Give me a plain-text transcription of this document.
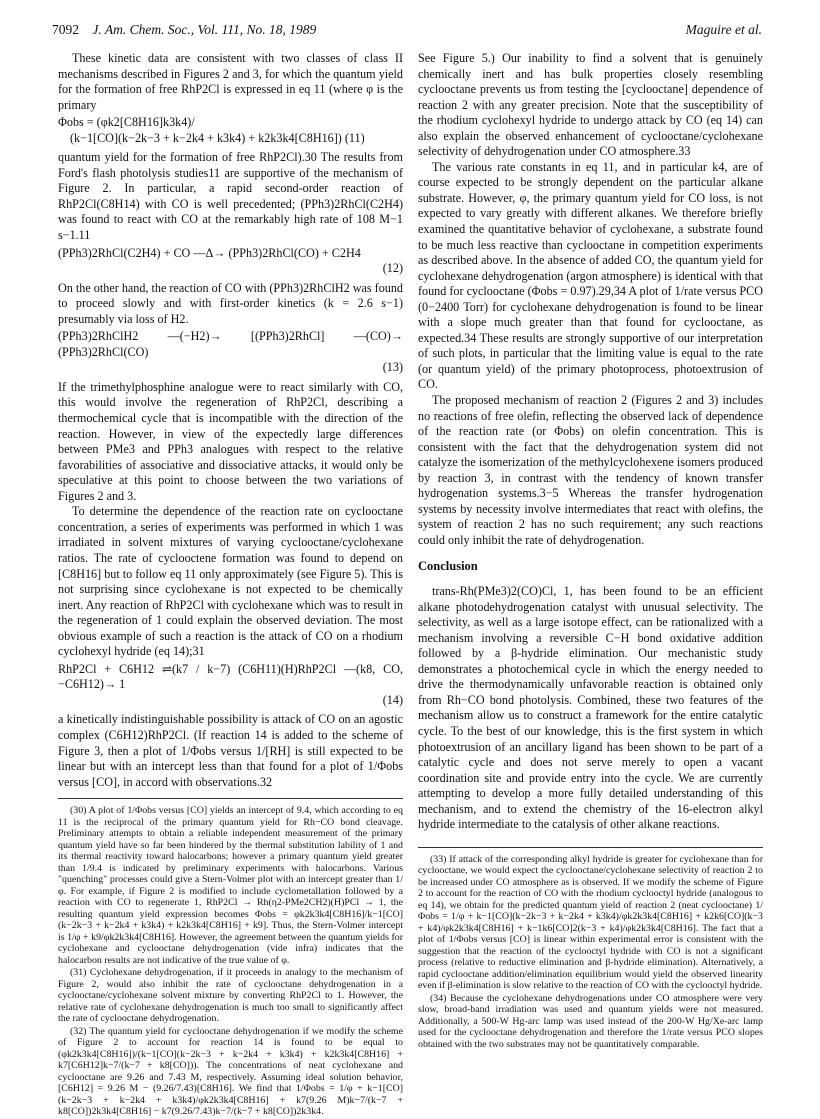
7092 J. Am. Chem. Soc., Vol. 111, No. 18, 1989	Maguire et al.

These kinetic data are consistent with two classes of class II mechanisms described in Figures 2 and 3, for which the quantum yield for the formation of free RhP2Cl is expressed in eq 11 (where φ is the primary

Φobs = (φk2[C8H16]k3k4)/
(k−1[CO](k−2k−3 + k−2k4 + k3k4) + k2k3k4[C8H16]) (11)

quantum yield for the formation of free RhP2Cl).30 The results from Ford's flash photolysis studies11 are supportive of the mechanism of Figure 2. In particular, a rapid second-order reaction of RhP2Cl(C8H14) with CO is well precedented; (PPh3)2RhCl(C2H4) was found to react with CO at the remarkably high rate of 108 M−1 s−1.11

(PPh3)2RhCl(C2H4) + CO —Δ→ (PPh3)2RhCl(CO) + C2H4
(12)

On the other hand, the reaction of CO with (PPh3)2RhClH2 was found to proceed slowly and with first-order kinetics (k = 2.6 s−1) presumably via loss of H2.

(PPh3)2RhClH2 —(−H2)→ [(PPh3)2RhCl] —(CO)→ (PPh3)2RhCl(CO)
(13)

If the trimethylphosphine analogue were to react similarly with CO, this would involve the regeneration of RhP2Cl, describing a thermochemical cycle that is incompatible with the direction of the reaction. However, in view of the expectedly large differences between PMe3 and PPh3 analogues with respect to the relative favorabilities of associative and dissociative attacks, it would only be speculative at this point to choose between the two variations of Figures 2 and 3.

To determine the dependence of the reaction rate on cyclooctane concentration, a series of experiments was performed in which 1 was irradiated in solvent mixtures of varying cyclooctane/cyclohexane ratios. The rate of cyclooctene formation was found to depend on [C8H16] but to follow eq 11 only approximately (see Figure 5). This is not surprising since cyclohexane is not expected to be chemically inert. Any reaction of RhP2Cl with cyclohexane which was to result in the regeneration of 1 could explain the observed deviation. The most obvious example of such a reaction is the attack of CO on a rhodium cyclohexyl hydride (eq 14);31

RhP2Cl + C6H12 ⇌(k7 / k−7) (C6H11)(H)RhP2Cl —(k8, CO, −C6H12)→ 1
(14)

a kinetically indistinguishable possibility is attack of CO on an agostic complex (C6H12)RhP2Cl. (If reaction 14 is added to the scheme of Figure 3, then a plot of 1/Φobs versus 1/[RH] is still expected to be linear but with an intercept less than that found for a plot of 1/Φobs versus [CO], in accord with observations.32

(30) A plot of 1/Φobs versus [CO] yields an intercept of 9.4, which according to eq 11 is the reciprocal of the primary quantum yield for Rh−CO bond cleavage. Preliminary attempts to obtain a reliable independent measurement of the primary quantum yield have so far been hindered by the thermal substitution lability of 1 and its thermal reactivity toward halocarbons; however a primary quantum yield greater than 1/9.4 is indicated by preliminary experiments with halocarbons. Various "quenching" processes could give a Stern-Volmer plot with an intercept greater than 1/φ. For example, if Figure 2 is modified to include cyclometallation followed by a reaction with CO to regenerate 1, RhP2Cl → Rh(η2-PMe2CH2)(H)PCl → 1, the resulting quantum yield expression becomes Φobs = φk2k3k4[C8H16]/k−1[CO](k−2k−3 + k−2k4 + k3k4) + k2k3k4[C8H16] + k9]. Thus, the Stern-Volmer intercept is 1/φ + k9/φk2k3k4[C8H16]. However, the agreement between the quantum yields for cyclohexane and cyclooctane dehydrogenation (vide infra) indicates that the halocarbon results are not indicative of the true value of φ.

(31) Cyclohexane dehydrogenation, if it proceeds in analogy to the mechanism of Figure 2, would also inhibit the rate of cyclooctane dehydrogenation in a cyclooctane/cyclohexane solvent mixture by converting RhP2Cl to 1. However, the relative rate of cyclohexane dehydrogenation is much too small to significantly affect the rate of cyclooctane dehydrogenation.

(32) The quantum yield for cyclooctane dehydrogenation if we modify the scheme of Figure 2 to account for reaction 14 is found to be equal to (φk2k3k4[C8H16])/(k−1[CO](k−2k−3 + k−2k4 + k3k4) + k2k3k4[C8H16] + k7[C6H12]k−7/(k−7 + k8[CO])). The concentrations of neat cyclohexane and cyclooctane are 9.26 and 7.43 M, respectively. Assuming ideal solution behavior, [C6H12] = 9.26 M − (9.26/7.43)[C8H16]. We find that 1/Φobs = 1/φ + k−1[CO](k−2k−3 + k−2k4 + k3k4)/φk2k3k4[C8H16] + k7(9.26 M)k−7/(k−7 + k8[CO])2k3k4[C8H16] − k7(9.26/7.43)k−7/(k−7 + k8[CO])2k3k4.

See Figure 5.) Our inability to find a solvent that is genuinely chemically inert and has bulk properties closely resembling cyclooctane prevents us from testing the [cyclooctane] dependence of reaction 2 with any greater precision. Note that the susceptibility of the rhodium cyclohexyl hydride to undergo attack by CO (eq 14) can also explain the observed enhancement of cyclooctane/cyclohexane selectivity of dehydrogenation under CO atmosphere.33

The various rate constants in eq 11, and in particular k4, are of course expected to be strongly dependent on the particular alkane substrate. However, φ, the primary quantum yield for CO loss, is not expected to vary greatly with different alkanes. We therefore briefly examined the quantitative behavior of cyclohexane, a substrate found to be much less reactive than cyclooctane in competition experiments as described above. In the absence of added CO, the quantum yield for cyclohexane dehydrogenation (argon atmosphere) is identical with that found for cyclooctane (Φobs = 0.97).29,34 A plot of 1/rate versus PCO (0−2400 Torr) for cyclohexane dehydrogenation is found to be linear with a slope much greater than that found for cyclooctane, as expected.34 These results are strongly supportive of our interpretation of such plots, in particular that the limiting value is equal to the rate (or quantum yield) of the primary photoprocess, photoextrusion of CO.

The proposed mechanism of reaction 2 (Figures 2 and 3) includes no reactions of free olefin, reflecting the observed lack of dependence of the reaction rate (or Φobs) on olefin concentration. This is consistent with the fact that the dehydrogenation system did not catalyze the isomerization of the methylcyclohexene isomers produced by reaction 3, in contrast with the tendency of known transfer hydrogenation systems.3−5 Whereas the transfer hydrogenation systems by necessity involve intermediates that react with olefins, the system of reaction 2 has no such requirement; any such reactions could only inhibit the rate of dehydrogenation.

Conclusion

trans-Rh(PMe3)2(CO)Cl, 1, has been found to be an efficient alkane photodehydrogenation catalyst with unusual selectivity. The selectivity, as well as a large isotope effect, can be rationalized with a mechanism involving a reversible C−H bond oxidative addition followed by a β-hydride elimination. Our mechanistic study demonstrates a photochemical cycle in which the energy needed to drive the thermodynamically unfavorable reaction is obtained only from Rh−CO bond photolysis. Combined, these two features of the mechanism allow us to construct a framework for the entire catalytic cycle. To the best of our knowledge, this is the first system in which photoextrusion of an ancillary ligand has been shown to be part of a catalytic cycle and does not serve merely to open a vacant coordination site and provide entry into the cycle. We are currently attempting to develop a more fully detailed understanding of this mechanism, and to extend the chemistry of the 16-electron alkyl hydride intermediate to the catalysis of other alkane reactions.

(33) If attack of the corresponding alkyl hydride is greater for cyclohexane than for cyclooctane, we would expect the cyclooctane/cyclohexane selectivity of reaction 2 to be increased under CO atmosphere as is observed. If we modify the scheme of Figure 2 to account for the reaction of CO with the rhodium cyclooctyl hydride (analogous to eq 14), we obtain for the predicted quantum yield of reaction 2 (neat cyclooctane) 1/Φobs = 1/φ + k−1[CO](k−2k−3 + k−2k4 + k3k4)/φk2k3k4[C8H16] + k2k6[CO](k−3 + k4)/φk2k3k4[C8H16] + k−1k6[CO]2(k−3 + k4)/φk2k3k4[C8H16]. The fact that a plot of 1/Φobs versus [CO] is linear within experimental error is consistent with the suggestion that the reaction of the cyclooctyl hydride with CO is not a significant process (relative to reductive elimination and β-hydride elimination). Alternatively, a rapid cyclooctane addition/elimination equilibrium would yield the observed linearity even if β-elimination is slow relative to the reaction of CO with the cyclooctyl hydride.

(34) Because the cyclohexane dehydrogenations under CO atmosphere were very slow, broad-band irradiation was used and quantum yields were not measured. Additionally, a 500-W Hg-arc lamp was used instead of the 200-W Hg/Xe-arc lamp used for the cyclooctane dehydrogenation and therefore the 1/rate versus PCO slopes obtained with the two substrates may not be quantitatively comparable.
